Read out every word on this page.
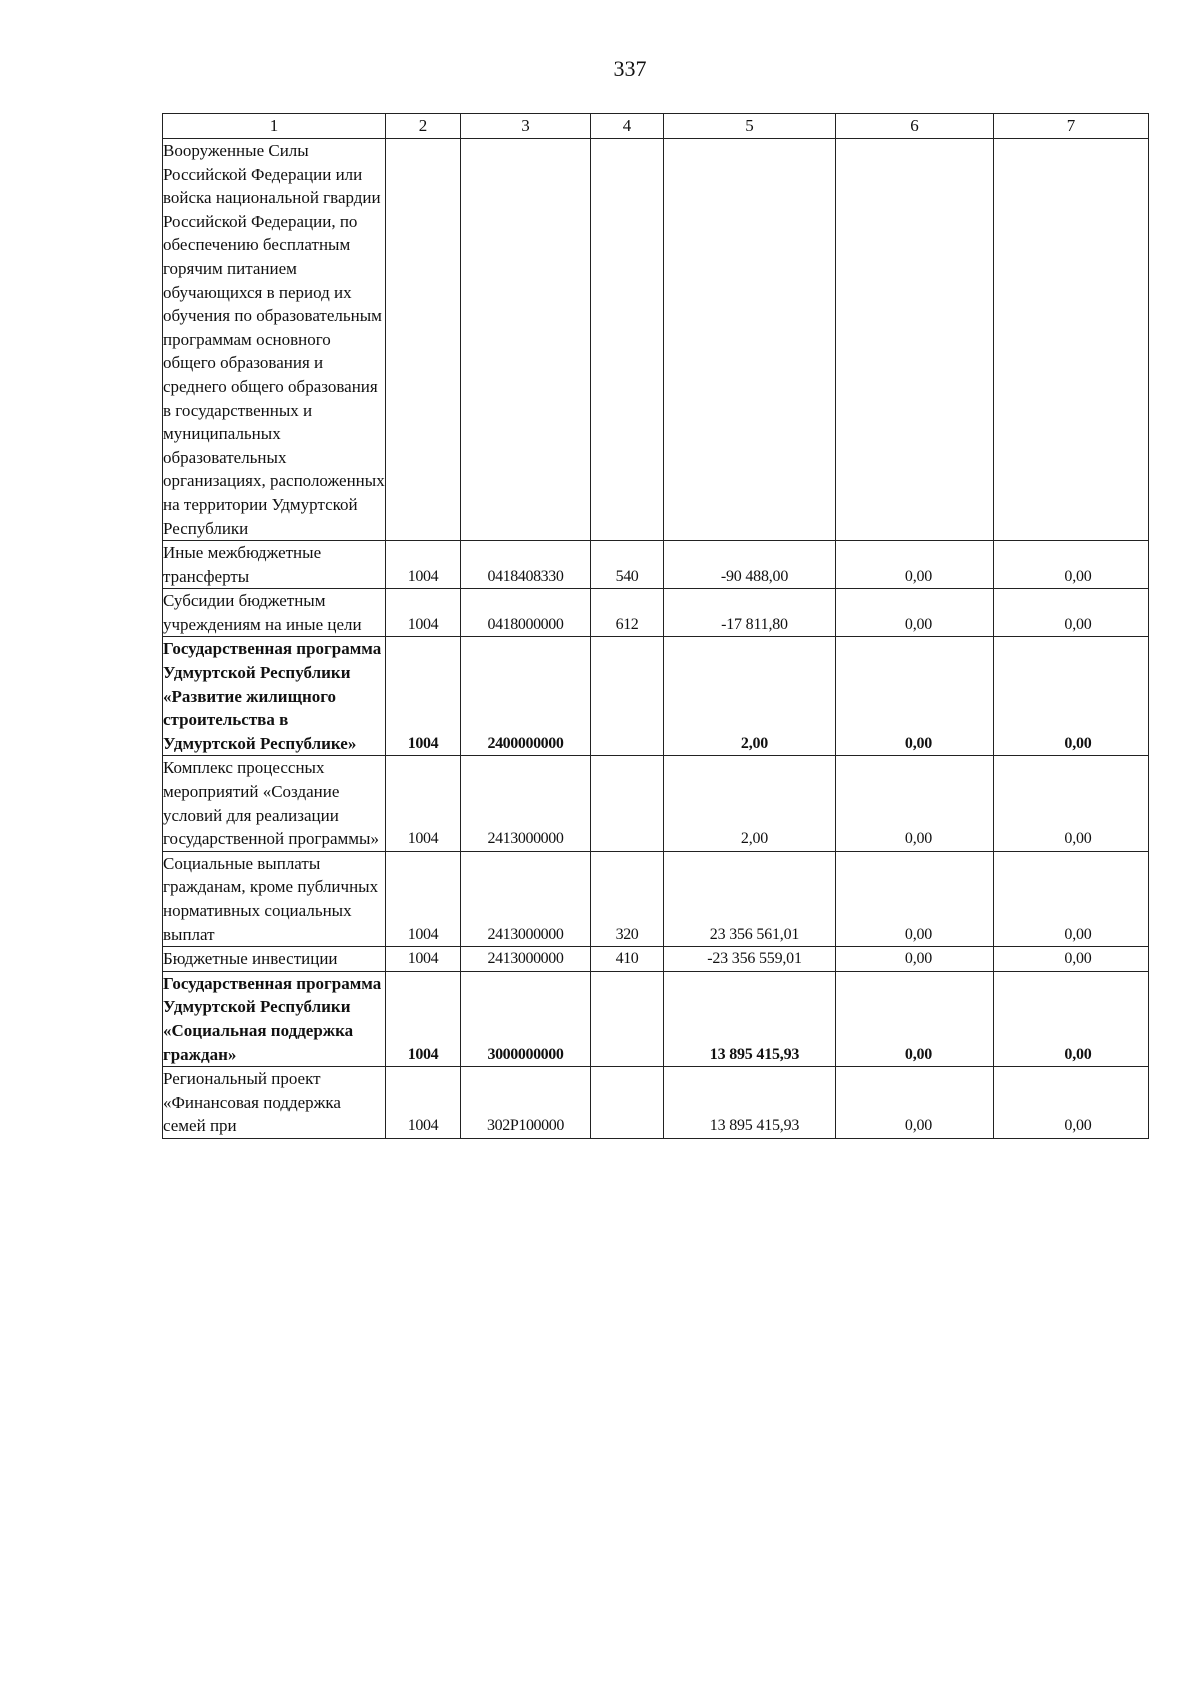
337
1	2	3	4	5	6	7
Вооруженные Силы Российской Федерации или войска национальной гвардии Российской Федерации, по обеспечению бесплатным горячим питанием обучающихся в период их обучения по образовательным программам основного общего образования и среднего общего образования в государственных и муниципальных образовательных организациях, расположенных на территории Удмуртской Республики						
Иные межбюджетные трансферты	1004	0418408330	540	-90 488,00	0,00	0,00
Субсидии бюджетным учреждениям на иные цели	1004	0418000000	612	-17 811,80	0,00	0,00
Государственная программа Удмуртской Республики «Развитие жилищного строительства в Удмуртской Республике»	1004	2400000000		2,00	0,00	0,00
Комплекс процессных мероприятий «Создание условий для реализации государственной программы»	1004	2413000000		2,00	0,00	0,00
Социальные выплаты гражданам, кроме публичных нормативных социальных выплат	1004	2413000000	320	23 356 561,01	0,00	0,00
Бюджетные инвестиции	1004	2413000000	410	-23 356 559,01	0,00	0,00
Государственная программа Удмуртской Республики «Социальная поддержка граждан»	1004	3000000000		13 895 415,93	0,00	0,00
Региональный проект «Финансовая поддержка семей при	1004	302P100000		13 895 415,93	0,00	0,00
